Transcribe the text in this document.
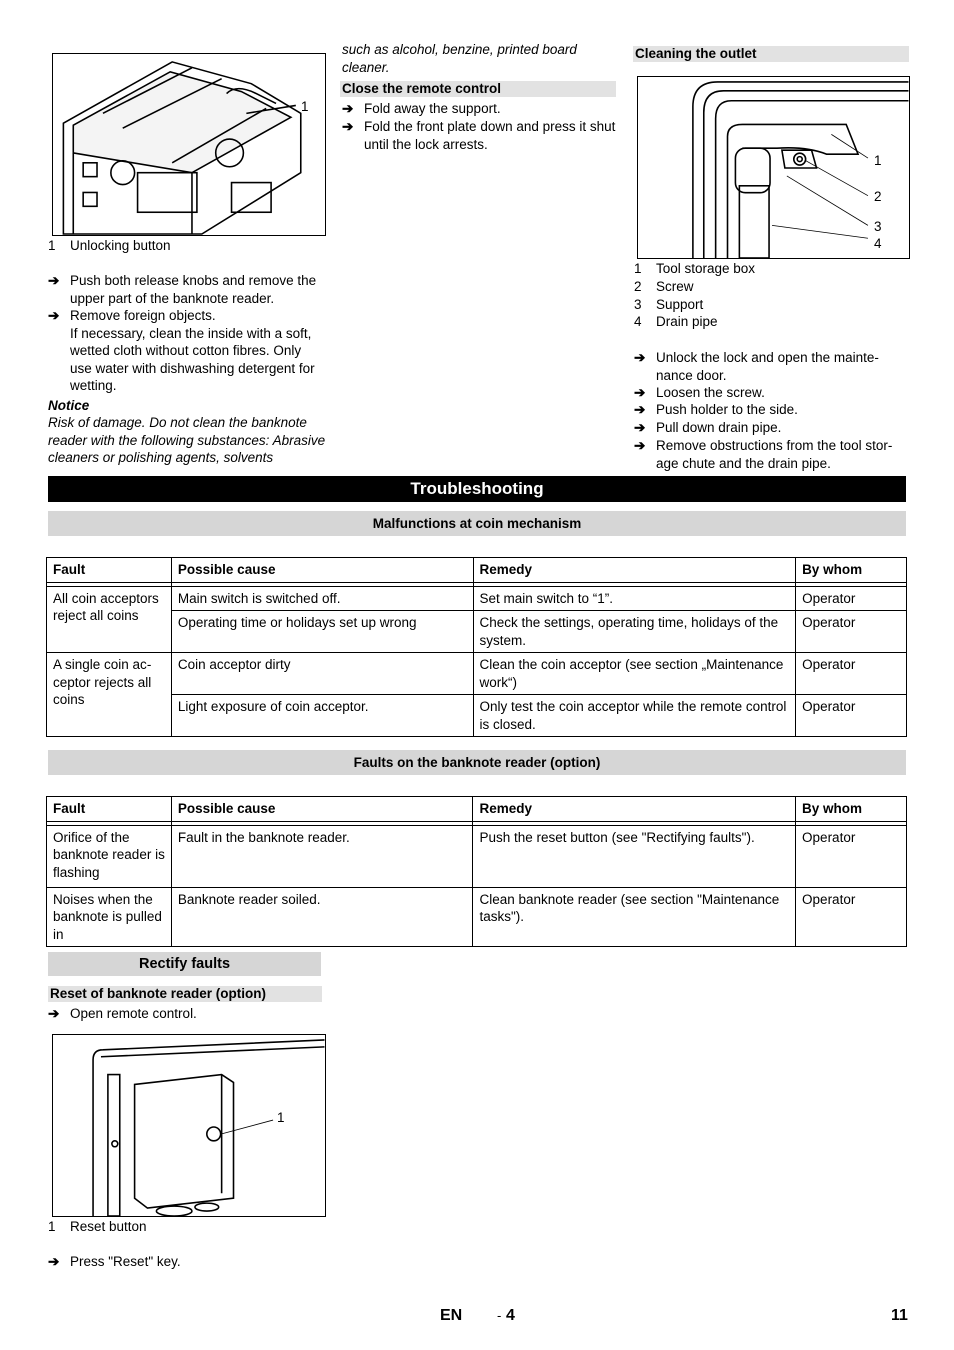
1
1 Unlocking button
➔ Push both release knobs and remove the upper part of the banknote reader.
➔ Remove foreign objects.
If necessary, clean the inside with a soft, wetted cloth without cotton fibres. Only use water with dishwashing detergent for wetting.
Notice
Risk of damage. Do not clean the banknote reader with the following substances: Abrasive cleaners or polishing agents, solvents
such as alcohol, benzine, printed board cleaner.
Close the remote control
➔ Fold away the support.
➔ Fold the front plate down and press it shut until the lock arrests.
Cleaning the outlet
1
2
3
4
1 Tool storage box
2 Screw
3 Support
4 Drain pipe
➔ Unlock the lock and open the maintenance door.
➔ Loosen the screw.
➔ Push holder to the side.
➔ Pull down drain pipe.
➔ Remove obstructions from the tool storage chute and the drain pipe.
Troubleshooting
Malfunctions at coin mechanism
Fault	Possible cause	Remedy	By whom

All coin acceptors reject all coins	Main switch is switched off.	Set main switch to “1”.	Operator
	Operating time or holidays set up wrong	Check the settings, operating time, holidays of the system.	Operator
A single coin acceptor rejects all coins	Coin acceptor dirty	Clean the coin acceptor (see section „Maintenance work“)	Operator
	Light exposure of coin acceptor.	Only test the coin acceptor while the remote control is closed.	Operator
Faults on the banknote reader (option)
Fault	Possible cause	Remedy	By whom

Orifice of the banknote reader is flashing	Fault in the banknote reader.	Push the reset button (see "Rectifying faults").	Operator
Noises when the banknote is pulled in	Banknote reader soiled.	Clean banknote reader (see section "Maintenance tasks").	Operator
Rectify faults
Reset of banknote reader (option)
➔ Open remote control.
1
1 Reset button
➔ Press "Reset" key.
EN	- 4	11
